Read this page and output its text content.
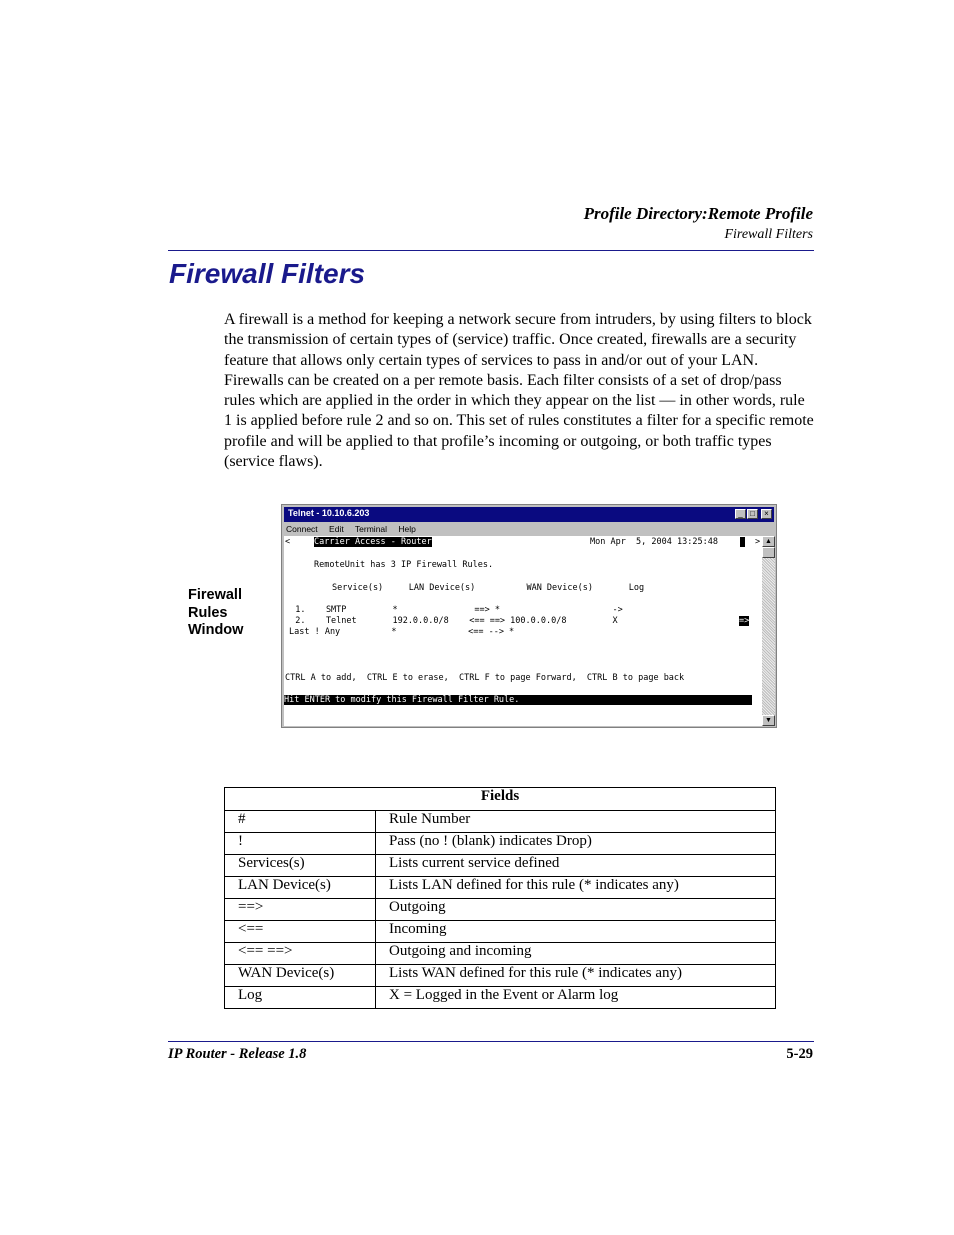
Profile Directory:Remote Profile
Firewall Filters
Firewall Filters
A firewall is a method for keeping a network secure from intruders, by using filters to block the transmission of certain types of (service) traffic. Once created, firewalls are a security feature that allows only certain types of services to pass in and/or out of your LAN. Firewalls can be created on a per remote basis. Each filter consists of a set of drop/pass rules which are applied in the order in which they appear on the list — in other words, rule 1 is applied before rule 2 and so on. This set of rules constitutes a filter for a specific remote profile and will be applied to that profile’s incoming or outgoing, or both traffic types (service flaws).
Firewall
Rules
Window
Telnet - 10.10.6.203	_ □	×
Connect Edit Terminal Help
<	Carrier Access - Router	Mon Apr  5, 2004 13:25:48
	>
RemoteUnit has 3 IP Firewall Rules.
Service(s)     LAN Device(s)          WAN Device(s)       Log
1.    SMTP         *               ==> *                      ->
2.    Telnet       192.0.0.0/8    <== ==> 100.0.0.0/8         X	=>
Last ! Any          *              <== --> *
CTRL A to add,  CTRL E to erase,  CTRL F to page Forward,  CTRL B to page back
Hit ENTER to modify this Firewall Filter Rule.
▲
▼
Fields	
#	Rule Number
!	Pass (no ! (blank) indicates Drop)
Services(s)	Lists current service defined
LAN Device(s)	Lists LAN defined for this rule (* indicates any)
==>	Outgoing
<==	Incoming
<== ==>	Outgoing and incoming
WAN Device(s)	Lists WAN defined for this rule (* indicates any)
Log	X = Logged in the Event or Alarm log
IP Router - Release 1.8	5-29
